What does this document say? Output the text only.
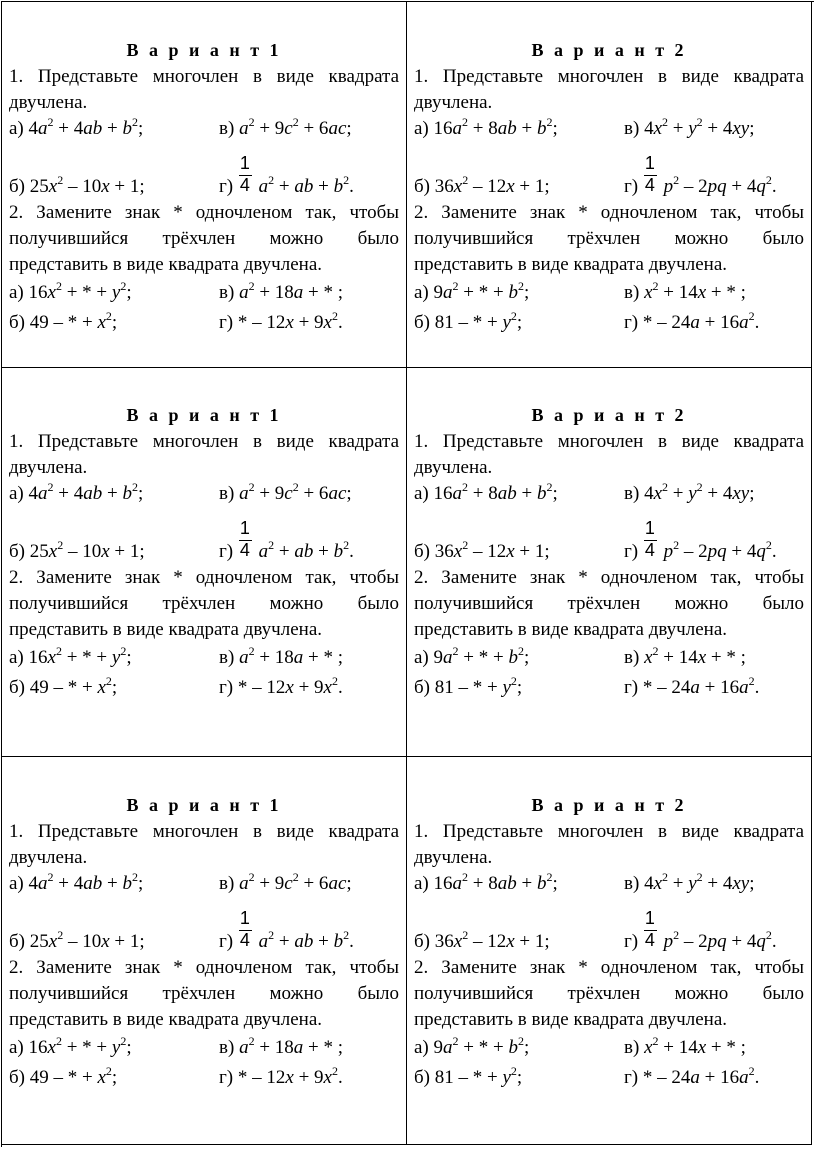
В а р и а н т 1
1. Представьте многочлен в виде квадрата
двучлена.
а) $4a^2 + 4ab + b^2$;	в) $a^2 + 9c^2 + 6ac$;
б) $25x^2 - 10x + 1$;	$г) \frac{1}{4} a^2$ + ab + $b^2$.
2. Замените знак * одночленом так, чтобы
получившийся трёхчлен можно было
представить в виде квадрата двучлена.
а) $16x^2$ + * + $y^2$;	в) $a^2 + 18a$ + * ;
б) 49 – * + $x^2$;	г) * – $12x + 9x^2$.
В а р и а н т 2
1. Представьте многочлен в виде квадрата
двучлена.
а) $16a^2 + 8ab + b^2$;	в) $4x^2 + y^2 + 4xy$;
б) $36x^2 - 12x + 1$;	$г) \frac{1}{4} p^2 - 2pq + 4q^2$.
2. Замените знак * одночленом так, чтобы
получившийся трёхчлен можно было
представить в виде квадрата двучлена.
а) $9a^2$ + * + $b^2$;	в) $x^2 + 14x$ + * ;
б) 81 – * + $y^2$;	г) * – $24a + 16a^2$.
В а р и а н т 1
1. Представьте многочлен в виде квадрата
двучлена.
а) $4a^2 + 4ab + b^2$;	в) $a^2 + 9c^2 + 6ac$;
б) $25x^2 - 10x + 1$;	$г) \frac{1}{4} a^2$ + ab + $b^2$.
2. Замените знак * одночленом так, чтобы
получившийся трёхчлен можно было
представить в виде квадрата двучлена.
а) $16x^2$ + * + $y^2$;	в) $a^2 + 18a$ + * ;
б) 49 – * + $x^2$;	г) * – $12x + 9x^2$.
В а р и а н т 2
1. Представьте многочлен в виде квадрата
двучлена.
а) $16a^2 + 8ab + b^2$;	в) $4x^2 + y^2 + 4xy$;
б) $36x^2 - 12x + 1$;	$г) \frac{1}{4} p^2 - 2pq + 4q^2$.
2. Замените знак * одночленом так, чтобы
получившийся трёхчлен можно было
представить в виде квадрата двучлена.
а) $9a^2$ + * + $b^2$;	в) $x^2 + 14x$ + * ;
б) 81 – * + $y^2$;	г) * – $24a + 16a^2$.
В а р и а н т 1
1. Представьте многочлен в виде квадрата
двучлена.
а) $4a^2 + 4ab + b^2$;	в) $a^2 + 9c^2 + 6ac$;
б) $25x^2 - 10x + 1$;	$г) \frac{1}{4} a^2$ + ab + $b^2$.
2. Замените знак * одночленом так, чтобы
получившийся трёхчлен можно было
представить в виде квадрата двучлена.
а) $16x^2$ + * + $y^2$;	в) $a^2 + 18a$ + * ;
б) 49 – * + $x^2$;	г) * – $12x + 9x^2$.
В а р и а н т 2
1. Представьте многочлен в виде квадрата
двучлена.
а) $16a^2 + 8ab + b^2$;	в) $4x^2 + y^2 + 4xy$;
б) $36x^2 - 12x + 1$;	$г) \frac{1}{4} p^2 - 2pq + 4q^2$.
2. Замените знак * одночленом так, чтобы
получившийся трёхчлен можно было
представить в виде квадрата двучлена.
а) $9a^2$ + * + $b^2$;	в) $x^2 + 14x$ + * ;
б) 81 – * + $y^2$;	г) * – $24a + 16a^2$.
